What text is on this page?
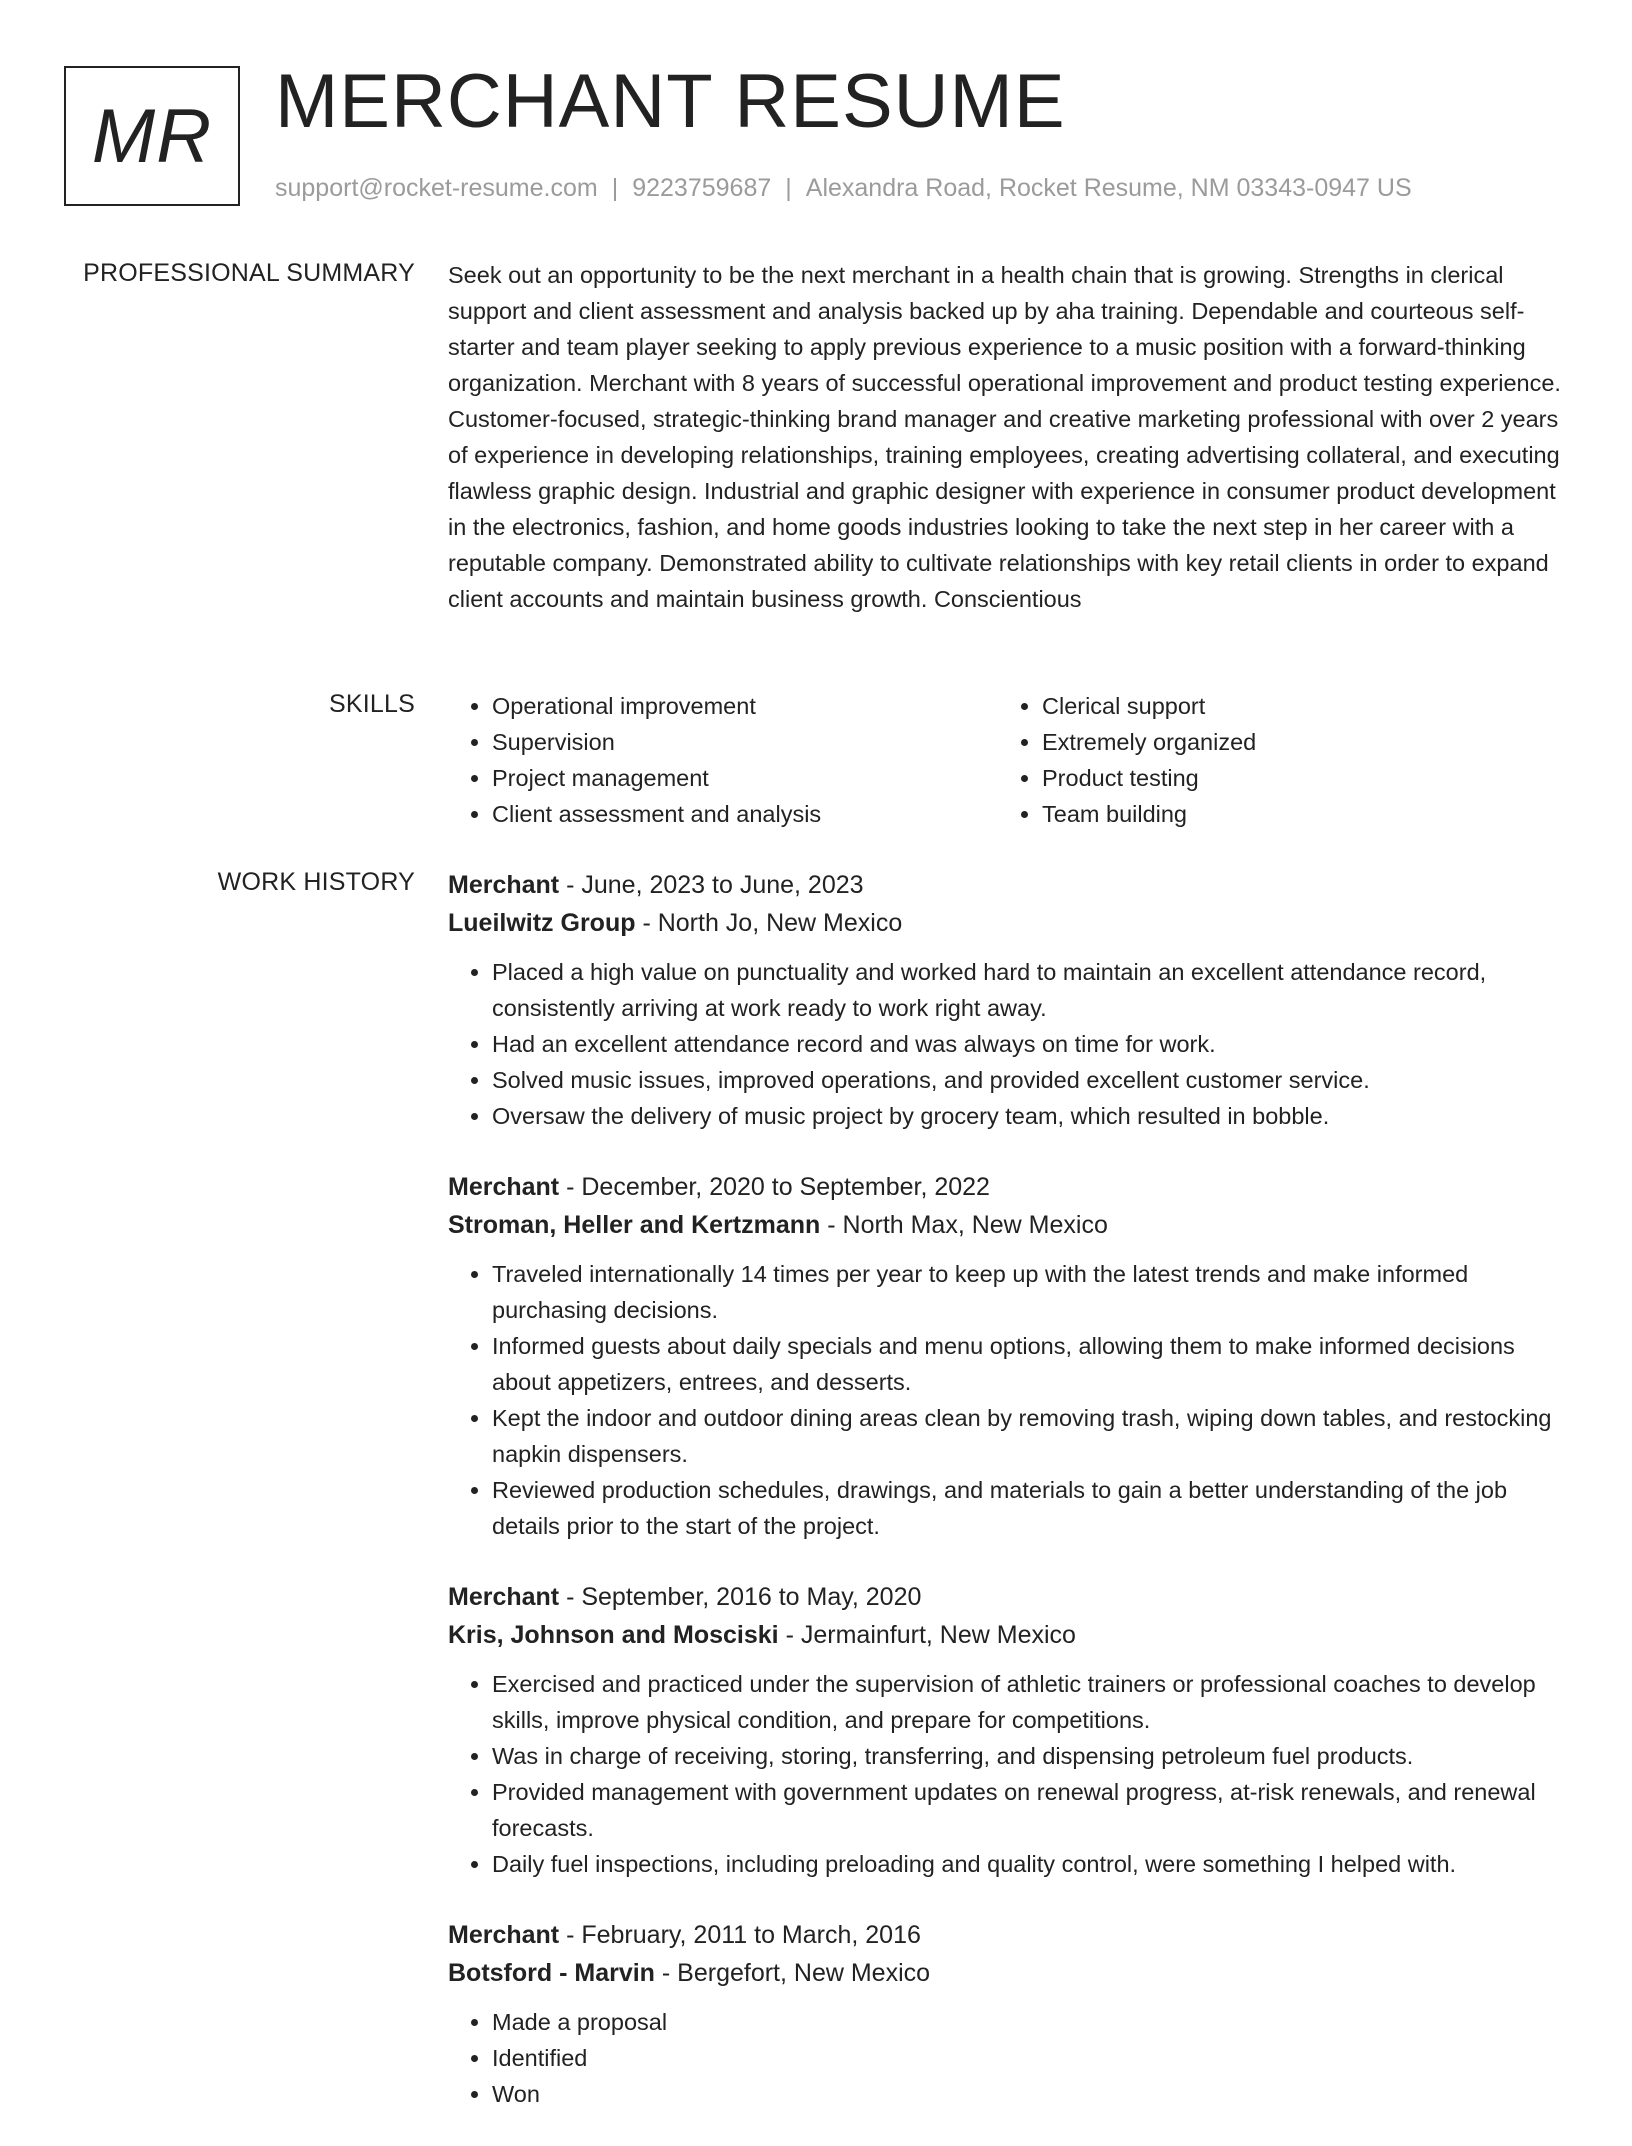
MR MERCHANT RESUME
support@rocket-resume.com | 9223759687 | Alexandra Road, Rocket Resume, NM 03343-0947 US
PROFESSIONAL SUMMARY Seek out an opportunity to be the next merchant in a health chain that is growing. Strengths in clerical support and client assessment and analysis backed up by aha training. Dependable and courteous self-starter and team player seeking to apply previous experience to a music position with a forward-thinking organization. Merchant with 8 years of successful operational improvement and product testing experience. Customer-focused, strategic-thinking brand manager and creative marketing professional with over 2 years of experience in developing relationships, training employees, creating advertising collateral, and executing flawless graphic design. Industrial and graphic designer with experience in consumer product development in the electronics, fashion, and home goods industries looking to take the next step in her career with a reputable company. Demonstrated ability to cultivate relationships with key retail clients in order to expand client accounts and maintain business growth. Conscientious

SKILLS
•	Operational improvement
• Supervision
• Project management
• Client assessment and analysis
• Clerical support
• Extremely organized
• Product testing
• Team building
WORK HISTORY Merchant - June, 2023 to June, 2023
Lueilwitz Group - North Jo, New Mexico
• Placed a high value on punctuality and worked hard to maintain an excellent attendance record, consistently arriving at work ready to work right away.
• Had an excellent attendance record and was always on time for work.
• Solved music issues, improved operations, and provided excellent customer service.
• Oversaw the delivery of music project by grocery team, which resulted in bobble.
Merchant - December, 2020 to September, 2022
Stroman, Heller and Kertzmann - North Max, New Mexico
• Traveled internationally 14 times per year to keep up with the latest trends and make informed purchasing decisions.
• Informed guests about daily specials and menu options, allowing them to make informed decisions about appetizers, entrees, and desserts.
• Kept the indoor and outdoor dining areas clean by removing trash, wiping down tables, and restocking napkin dispensers.
• Reviewed production schedules, drawings, and materials to gain a better understanding of the job details prior to the start of the project.
Merchant - September, 2016 to May, 2020
Kris, Johnson and Mosciski - Jermainfurt, New Mexico
• Exercised and practiced under the supervision of athletic trainers or professional coaches to develop skills, improve physical condition, and prepare for competitions.
• Was in charge of receiving, storing, transferring, and dispensing petroleum fuel products.
• Provided management with government updates on renewal progress, at-risk renewals, and renewal forecasts.
• Daily fuel inspections, including preloading and quality control, were something I helped with.
Merchant - February, 2011 to March, 2016
Botsford - Marvin - Bergefort, New Mexico
• Made a proposal
• Identified
• Won
